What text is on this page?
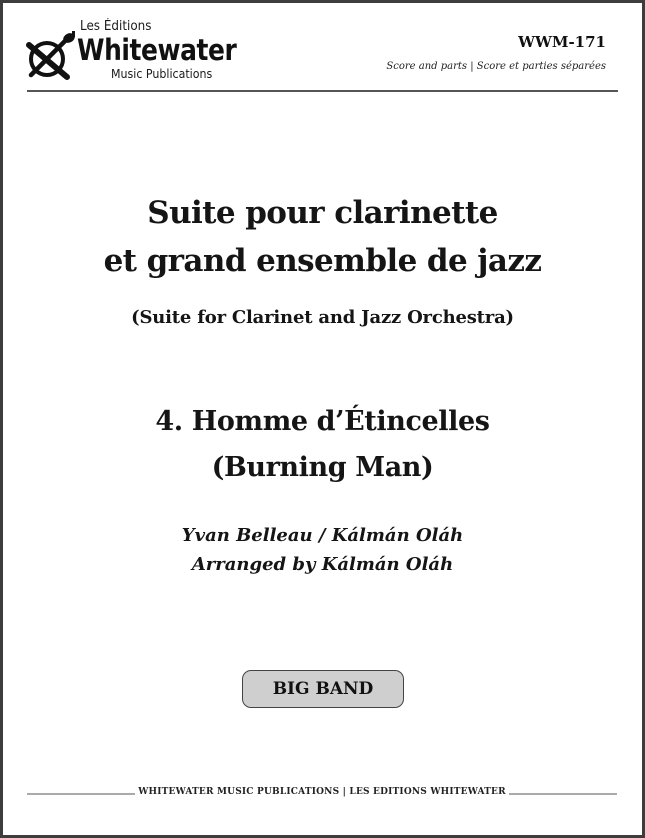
Les Éditions
Whitewater
Music Publications
WWM-171
Score and parts | Score et parties séparées
Suite pour clarinette
et grand ensemble de jazz
(Suite for Clarinet and Jazz Orchestra)
4. Homme d’Étincelles
(Burning Man)
Yvan Belleau / Kálmán Oláh
Arranged by Kálmán Oláh
BIG BAND
WHITEWATER MUSIC PUBLICATIONS | LES EDITIONS WHITEWATER
